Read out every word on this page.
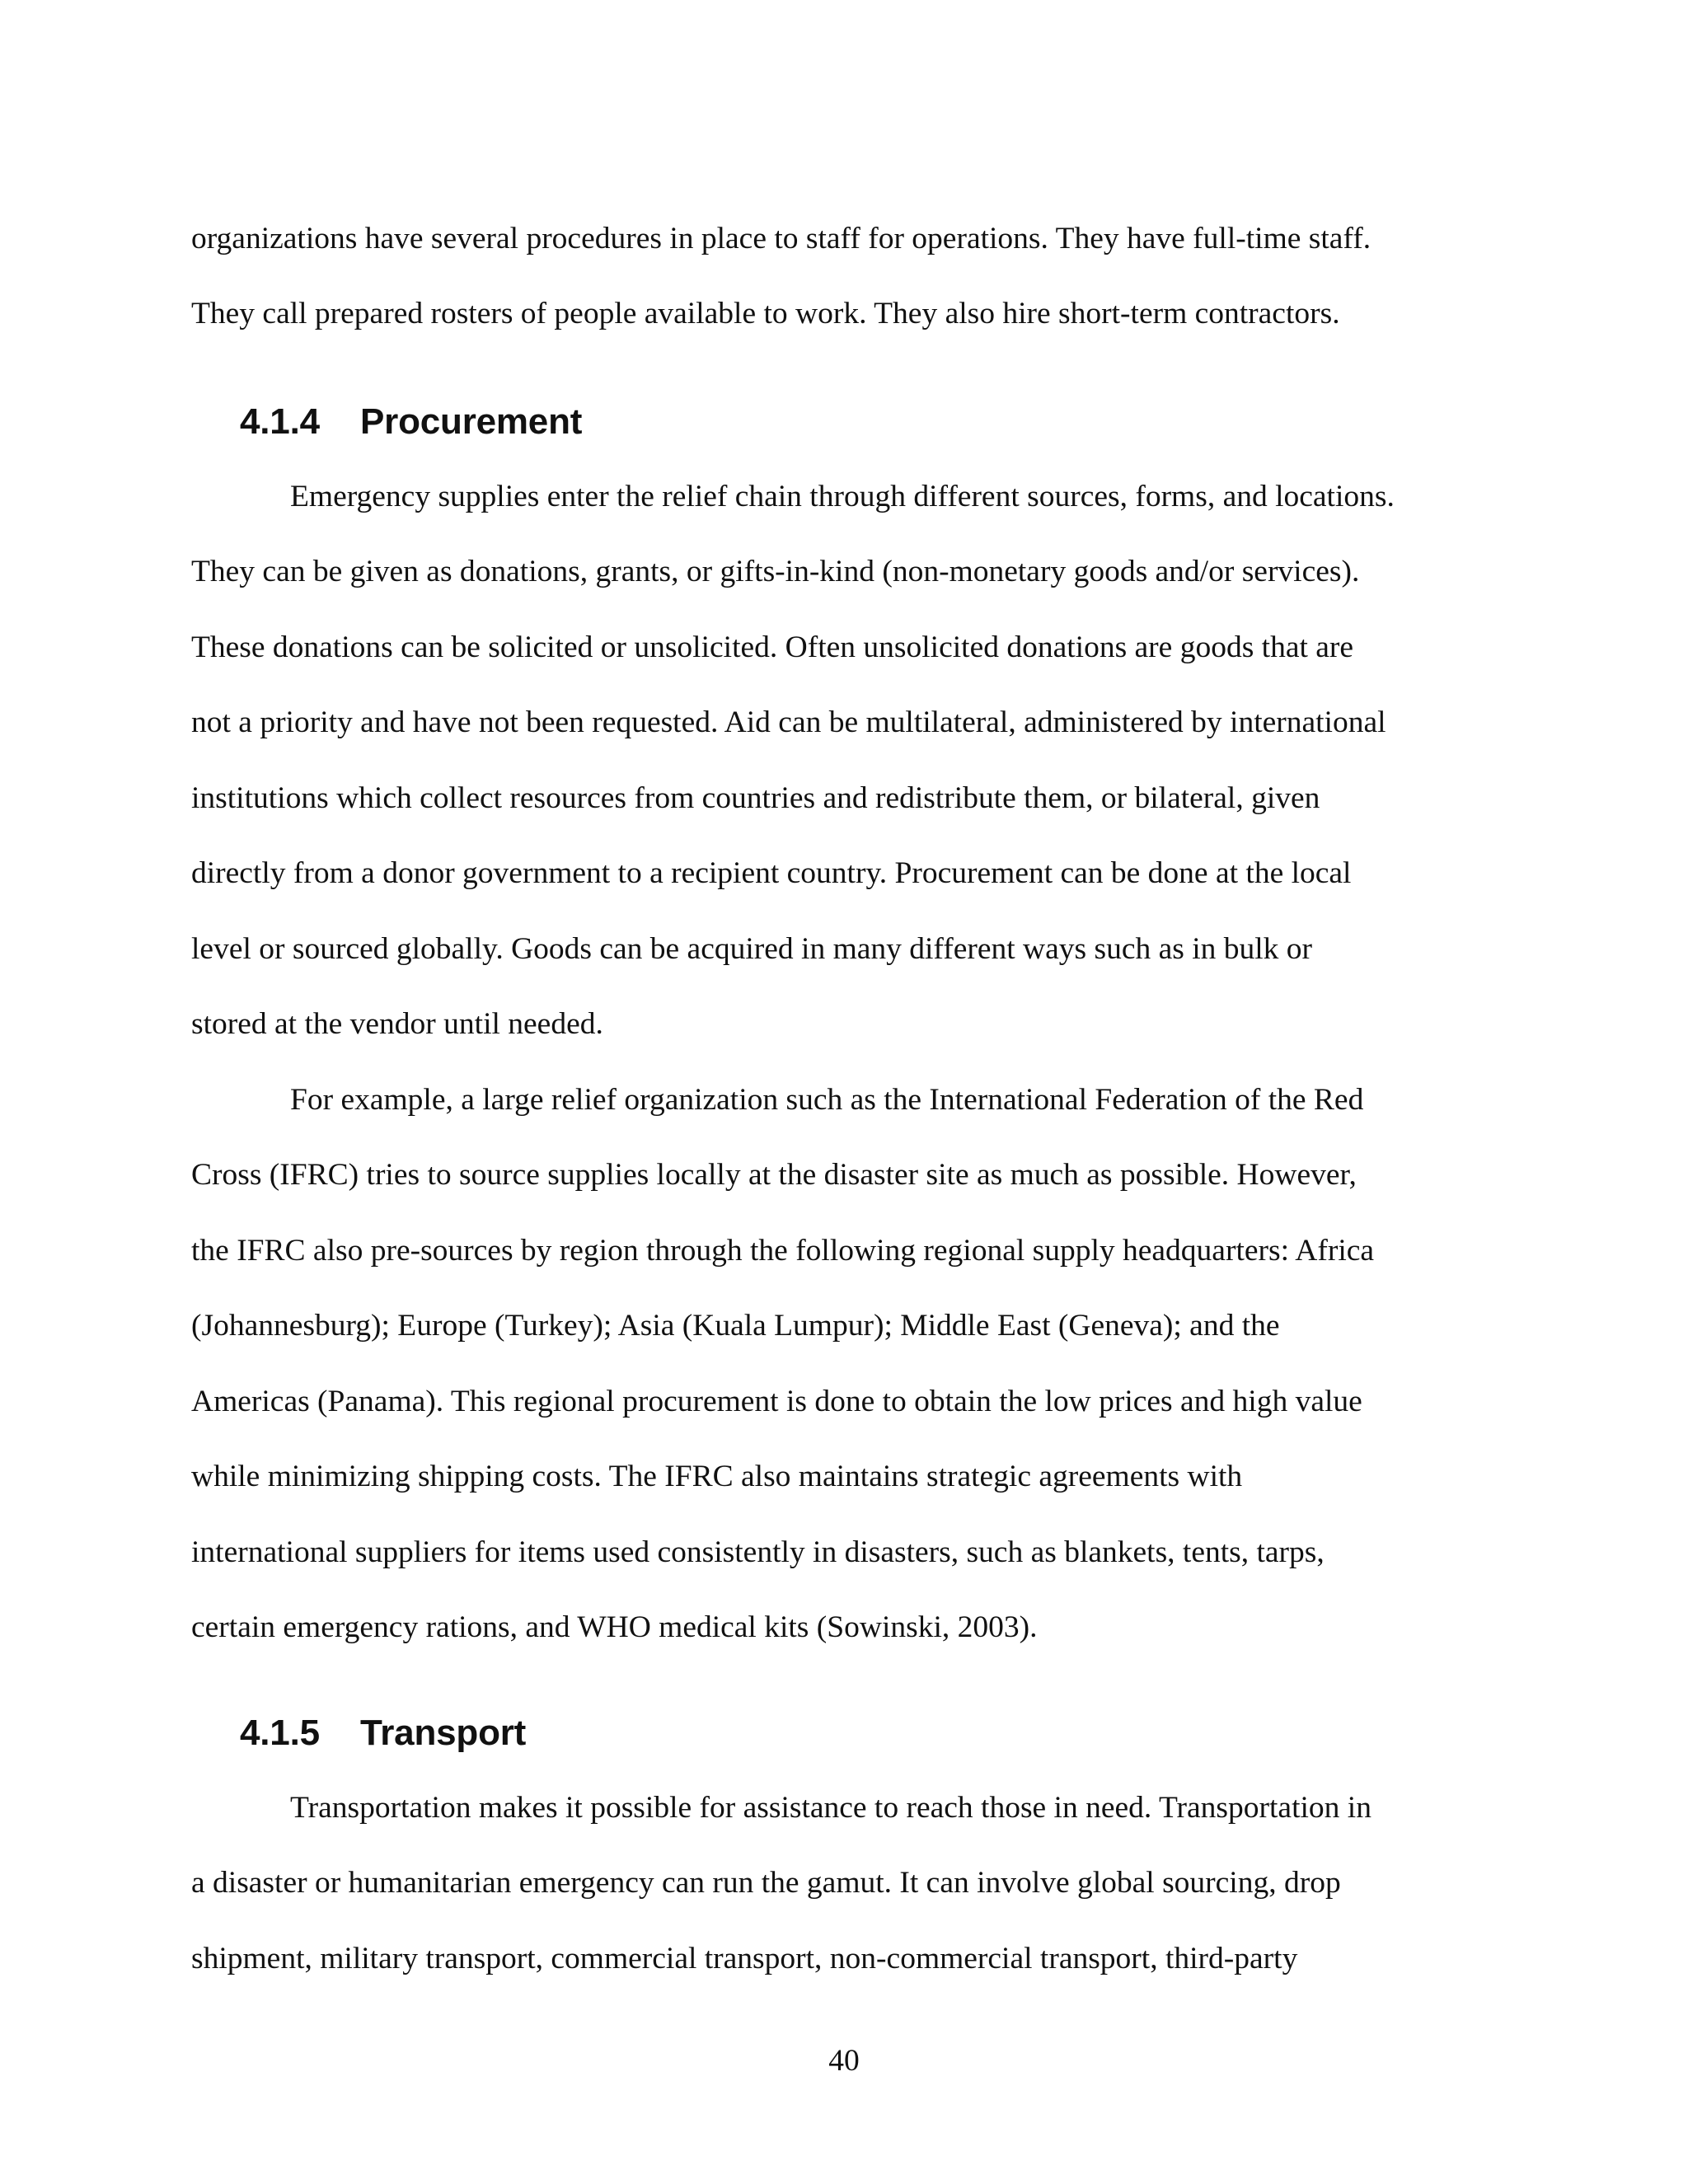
organizations have several procedures in place to staff for operations. They have full-time staff.
They call prepared rosters of people available to work. They also hire short-term contractors.
4.1.4 Procurement
Emergency supplies enter the relief chain through different sources, forms, and locations.
They can be given as donations, grants, or gifts-in-kind (non-monetary goods and/or services).
These donations can be solicited or unsolicited. Often unsolicited donations are goods that are
not a priority and have not been requested. Aid can be multilateral, administered by international
institutions which collect resources from countries and redistribute them, or bilateral, given
directly from a donor government to a recipient country. Procurement can be done at the local
level or sourced globally. Goods can be acquired in many different ways such as in bulk or
stored at the vendor until needed.
For example, a large relief organization such as the International Federation of the Red
Cross (IFRC) tries to source supplies locally at the disaster site as much as possible. However,
the IFRC also pre-sources by region through the following regional supply headquarters: Africa
(Johannesburg); Europe (Turkey); Asia (Kuala Lumpur); Middle East (Geneva); and the
Americas (Panama). This regional procurement is done to obtain the low prices and high value
while minimizing shipping costs. The IFRC also maintains strategic agreements with
international suppliers for items used consistently in disasters, such as blankets, tents, tarps,
certain emergency rations, and WHO medical kits (Sowinski, 2003).
4.1.5 Transport
Transportation makes it possible for assistance to reach those in need. Transportation in
a disaster or humanitarian emergency can run the gamut. It can involve global sourcing, drop
shipment, military transport, commercial transport, non-commercial transport, third-party
40
